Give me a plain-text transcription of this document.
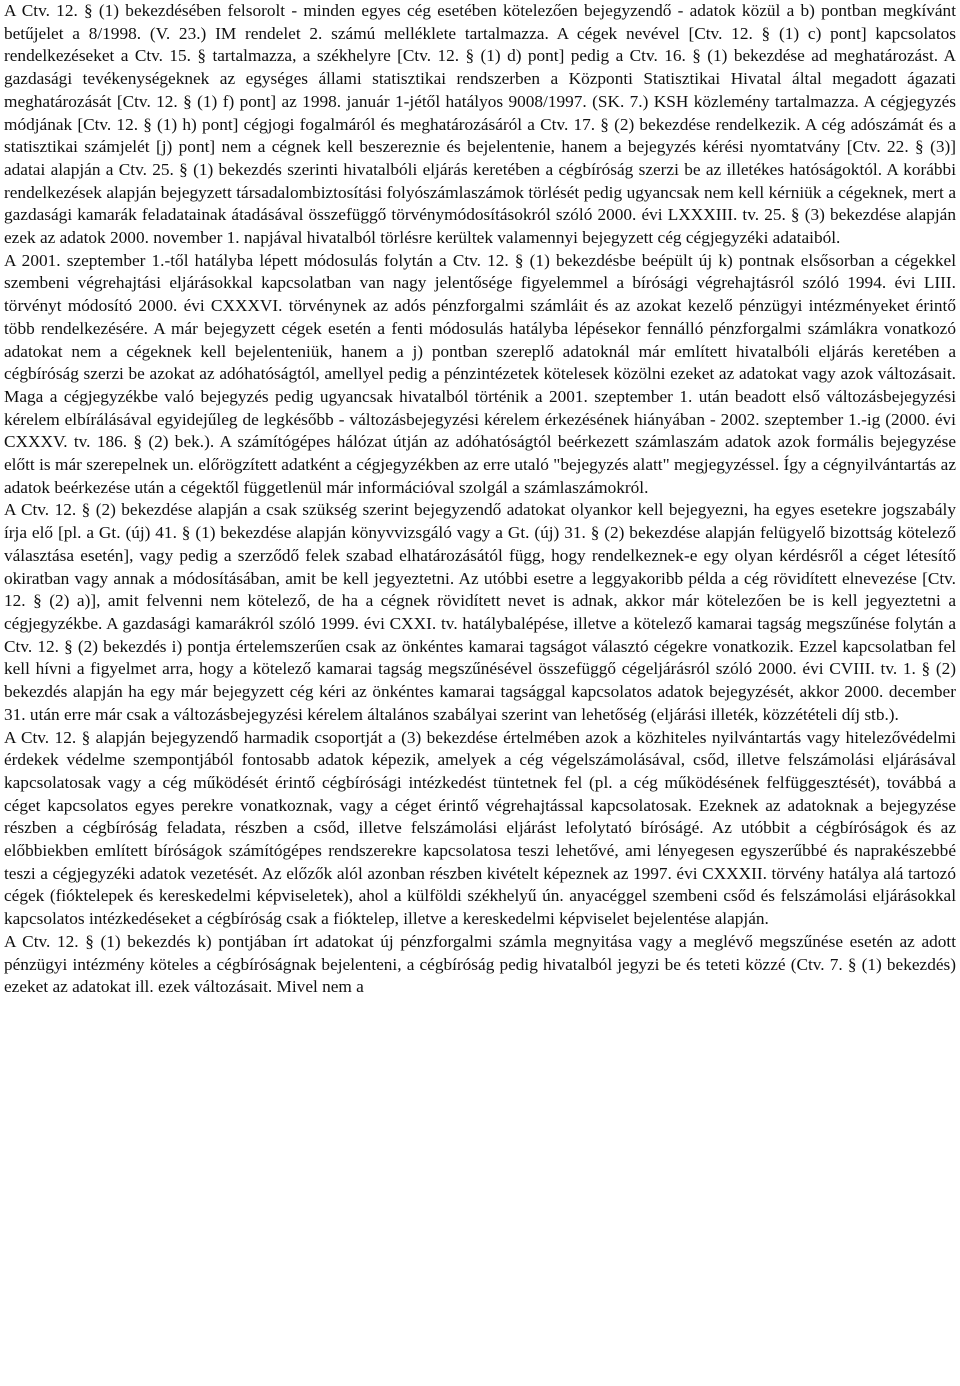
A Ctv. 12. § (1) bekezdésében felsorolt - minden egyes cég esetében kötelezően bejegyzendő - adatok közül a b) pontban megkívánt betűjelet a 8/1998. (V. 23.) IM rendelet 2. számú melléklete tartalmazza. A cégek nevével [Ctv. 12. § (1) c) pont] kapcsolatos rendelkezéseket a Ctv. 15. § tartalmazza, a székhelyre [Ctv. 12. § (1) d) pont] pedig a Ctv. 16. § (1) bekezdése ad meghatározást. A gazdasági tevékenységeknek az egységes állami statisztikai rendszerben a Központi Statisztikai Hivatal által megadott ágazati meghatározását [Ctv. 12. § (1) f) pont] az 1998. január 1-jétől hatályos 9008/1997. (SK. 7.) KSH közlemény tartalmazza. A cégjegyzés módjának [Ctv. 12. § (1) h) pont] cégjogi fogalmáról és meghatározásáról a Ctv. 17. § (2) bekezdése rendelkezik. A cég adószámát és a statisztikai számjelét [j) pont] nem a cégnek kell beszereznie és bejelentenie, hanem a bejegyzés kérési nyomtatvány [Ctv. 22. § (3)] adatai alapján a Ctv. 25. § (1) bekezdés szerinti hivatalbóli eljárás keretében a cégbíróság szerzi be az illetékes hatóságoktól. A korábbi rendelkezések alapján bejegyzett társadalombiztosítási folyószámlaszámok törlését pedig ugyancsak nem kell kérniük a cégeknek, mert a gazdasági kamarák feladatainak átadásával összefüggő törvénymódosításokról szóló 2000. évi LXXXIII. tv. 25. § (3) bekezdése alapján ezek az adatok 2000. november 1. napjával hivatalból törlésre kerültek valamennyi bejegyzett cég cégjegyzéki adataiból.

A 2001. szeptember 1.-től hatályba lépett módosulás folytán a Ctv. 12. § (1) bekezdésbe beépült új k) pontnak elsősorban a cégekkel szembeni végrehajtási eljárásokkal kapcsolatban van nagy jelentősége figyelemmel a bírósági végrehajtásról szóló 1994. évi LIII. törvényt módosító 2000. évi CXXXVI. törvénynek az adós pénzforgalmi számláit és az azokat kezelő pénzügyi intézményeket érintő több rendelkezésére. A már bejegyzett cégek esetén a fenti módosulás hatályba lépésekor fennálló pénzforgalmi számlákra vonatkozó adatokat nem a cégeknek kell bejelenteniük, hanem a j) pontban szereplő adatoknál már említett hivatalbóli eljárás keretében a cégbíróság szerzi be azokat az adóhatóságtól, amellyel pedig a pénzintézetek kötelesek közölni ezeket az adatokat vagy azok változásait. Maga a cégjegyzékbe való bejegyzés pedig ugyancsak hivatalból történik a 2001. szeptember 1. után beadott első változásbejegyzési kérelem elbírálásával egyidejűleg de legkésőbb - változásbejegyzési kérelem érkezésének hiányában - 2002. szeptember 1.-ig (2000. évi CXXXV. tv. 186. § (2) bek.). A számítógépes hálózat útján az adóhatóságtól beérkezett számlaszám adatok azok formális bejegyzése előtt is már szerepelnek un. előrögzített adatként a cégjegyzékben az erre utaló "bejegyzés alatt" megjegyzéssel. Így a cégnyilvántartás az adatok beérkezése után a cégektől függetlenül már információval szolgál a számlaszámokról.

A Ctv. 12. § (2) bekezdése alapján a csak szükség szerint bejegyzendő adatokat olyankor kell bejegyezni, ha egyes esetekre jogszabály írja elő [pl. a Gt. (új) 41. § (1) bekezdése alapján könyvvizsgáló vagy a Gt. (új) 31. § (2) bekezdése alapján felügyelő bizottság kötelező választása esetén], vagy pedig a szerződő felek szabad elhatározásától függ, hogy rendelkeznek-e egy olyan kérdésről a céget létesítő okiratban vagy annak a módosításában, amit be kell jegyeztetni. Az utóbbi esetre a leggyakoribb példa a cég rövidített elnevezése [Ctv. 12. § (2) a)], amit felvenni nem kötelező, de ha a cégnek rövidített nevet is adnak, akkor már kötelezően be is kell jegyeztetni a cégjegyzékbe. A gazdasági kamarákról szóló 1999. évi CXXI. tv. hatálybalépése, illetve a kötelező kamarai tagság megszűnése folytán a Ctv. 12. § (2) bekezdés i) pontja értelemszerűen csak az önkéntes kamarai tagságot választó cégekre vonatkozik. Ezzel kapcsolatban fel kell hívni a figyelmet arra, hogy a kötelező kamarai tagság megszűnésével összefüggő cégeljárásról szóló 2000. évi CVIII. tv. 1. § (2) bekezdés alapján ha egy már bejegyzett cég kéri az önkéntes kamarai tagsággal kapcsolatos adatok bejegyzését, akkor 2000. december 31. után erre már csak a változásbejegyzési kérelem általános szabályai szerint van lehetőség (eljárási illeték, közzétételi díj stb.).

A Ctv. 12. § alapján bejegyzendő harmadik csoportját a (3) bekezdése értelmében azok a közhiteles nyilvántartás vagy hitelezővédelmi érdekek védelme szempontjából fontosabb adatok képezik, amelyek a cég végelszámolásával, csőd, illetve felszámolási eljárásával kapcsolatosak vagy a cég működését érintő cégbírósági intézkedést tüntetnek fel (pl. a cég működésének felfüggesztését), továbbá a céget kapcsolatos egyes perekre vonatkoznak, vagy a céget érintő végrehajtással kapcsolatosak. Ezeknek az adatoknak a bejegyzése részben a cégbíróság feladata, részben a csőd, illetve felszámolási eljárást lefolytató bíróságé. Az utóbbit a cégbíróságok és az előbbiekben említett bíróságok számítógépes rendszerekre kapcsolatosa teszi lehetővé, ami lényegesen egyszerűbbé és naprakészebbé teszi a cégjegyzéki adatok vezetését. Az előzők alól azonban részben kivételt képeznek az 1997. évi CXXXII. törvény hatálya alá tartozó cégek (fióktelepek és kereskedelmi képviseletek), ahol a külföldi székhelyű ún. anyacéggel szembeni csőd és felszámolási eljárásokkal kapcsolatos intézkedéseket a cégbíróság csak a fióktelep, illetve a kereskedelmi képviselet bejelentése alapján.

A Ctv. 12. § (1) bekezdés k) pontjában írt adatokat új pénzforgalmi számla megnyitása vagy a meglévő megszűnése esetén az adott pénzügyi intézmény köteles a cégbíróságnak bejelenteni, a cégbíróság pedig hivatalból jegyzi be és teteti közzé (Ctv. 7. § (1) bekezdés) ezeket az adatokat ill. ezek változásait. Mivel nem a
